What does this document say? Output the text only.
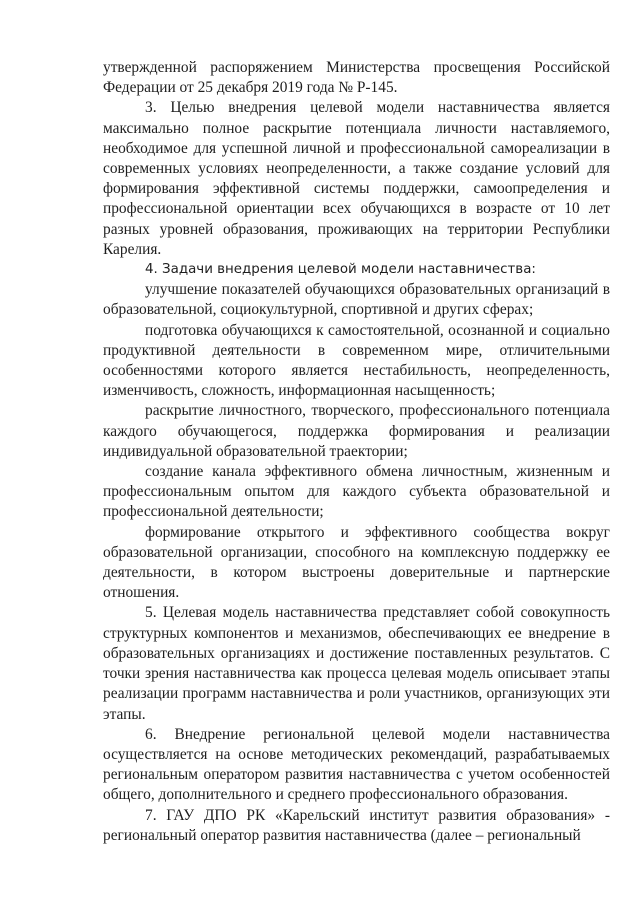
утвержденной распоряжением Министерства просвещения Российской Федерации от 25 декабря 2019 года № Р-145.

3. Целью внедрения целевой модели наставничества является максимально полное раскрытие потенциала личности наставляемого, необходимое для успешной личной и профессиональной самореализации в современных условиях неопределенности, а также создание условий для формирования эффективной системы поддержки, самоопределения и профессиональной ориентации всех обучающихся в возрасте от 10 лет разных уровней образования, проживающих на территории Республики Карелия.

4. Задачи внедрения целевой модели наставничества:

улучшение показателей обучающихся образовательных организаций в образовательной, социокультурной, спортивной и других сферах;

подготовка обучающихся к самостоятельной, осознанной и социально продуктивной деятельности в современном мире, отличительными особенностями которого является нестабильность, неопределенность, изменчивость, сложность, информационная насыщенность;

раскрытие личностного, творческого, профессионального потенциала каждого обучающегося, поддержка формирования и реализации индивидуальной образовательной траектории;

создание канала эффективного обмена личностным, жизненным и профессиональным опытом для каждого субъекта образовательной и профессиональной деятельности;

формирование открытого и эффективного сообщества вокруг образовательной организации, способного на комплексную поддержку ее деятельности, в котором выстроены доверительные и партнерские отношения.

5. Целевая модель наставничества представляет собой совокупность структурных компонентов и механизмов, обеспечивающих ее внедрение в образовательных организациях и достижение поставленных результатов. С точки зрения наставничества как процесса целевая модель описывает этапы реализации программ наставничества и роли участников, организующих эти этапы.

6. Внедрение региональной целевой модели наставничества осуществляется на основе методических рекомендаций, разрабатываемых региональным оператором развития наставничества с учетом особенностей общего, дополнительного и среднего профессионального образования.

7. ГАУ ДПО РК «Карельский институт развития образования» - региональный оператор развития наставничества (далее – региональный
